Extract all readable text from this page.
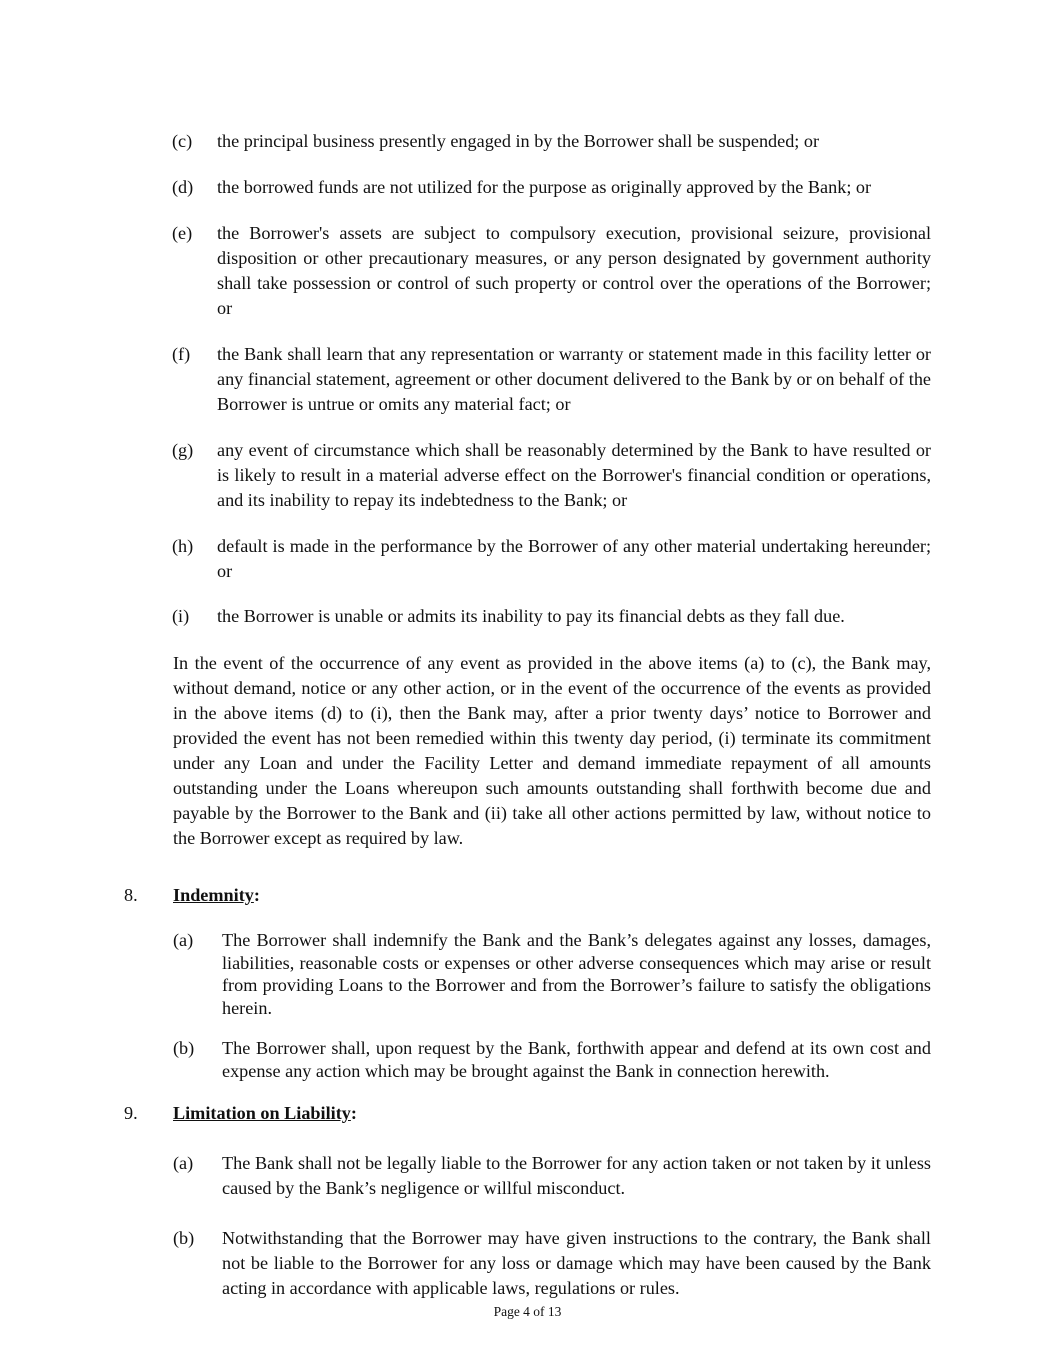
(c) the principal business presently engaged in by the Borrower shall be suspended; or
(d) the borrowed funds are not utilized for the purpose as originally approved by the Bank; or
(e) the Borrower's assets are subject to compulsory execution, provisional seizure, provisional disposition or other precautionary measures, or any person designated by government authority shall take possession or control of such property or control over the operations of the Borrower; or
(f) the Bank shall learn that any representation or warranty or statement made in this facility letter or any financial statement, agreement or other document delivered to the Bank by or on behalf of the Borrower is untrue or omits any material fact; or
(g) any event of circumstance which shall be reasonably determined by the Bank to have resulted or is likely to result in a material adverse effect on the Borrower's financial condition or operations, and its inability to repay its indebtedness to the Bank; or
(h) default is made in the performance by the Borrower of any other material undertaking hereunder; or
(i) the Borrower is unable or admits its inability to pay its financial debts as they fall due.
In the event of the occurrence of any event as provided in the above items (a) to (c), the Bank may, without demand, notice or any other action, or in the event of the occurrence of the events as provided in the above items (d) to (i), then the Bank may, after a prior twenty days’ notice to Borrower and provided the event has not been remedied within this twenty day period, (i) terminate its commitment under any Loan and under the Facility Letter and demand immediate repayment of all amounts outstanding under the Loans whereupon such amounts outstanding shall forthwith become due and payable by the Borrower to the Bank and (ii) take all other actions permitted by law, without notice to the Borrower except as required by law.
8. Indemnity:
(a) The Borrower shall indemnify the Bank and the Bank’s delegates against any losses, damages, liabilities, reasonable costs or expenses or other adverse consequences which may arise or result from providing Loans to the Borrower and from the Borrower’s failure to satisfy the obligations herein.
(b) The Borrower shall, upon request by the Bank, forthwith appear and defend at its own cost and expense any action which may be brought against the Bank in connection herewith.
9. Limitation on Liability:
(a) The Bank shall not be legally liable to the Borrower for any action taken or not taken by it unless caused by the Bank’s negligence or willful misconduct.
(b) Notwithstanding that the Borrower may have given instructions to the contrary, the Bank shall not be liable to the Borrower for any loss or damage which may have been caused by the Bank acting in accordance with applicable laws, regulations or rules.
Page 4 of 13
